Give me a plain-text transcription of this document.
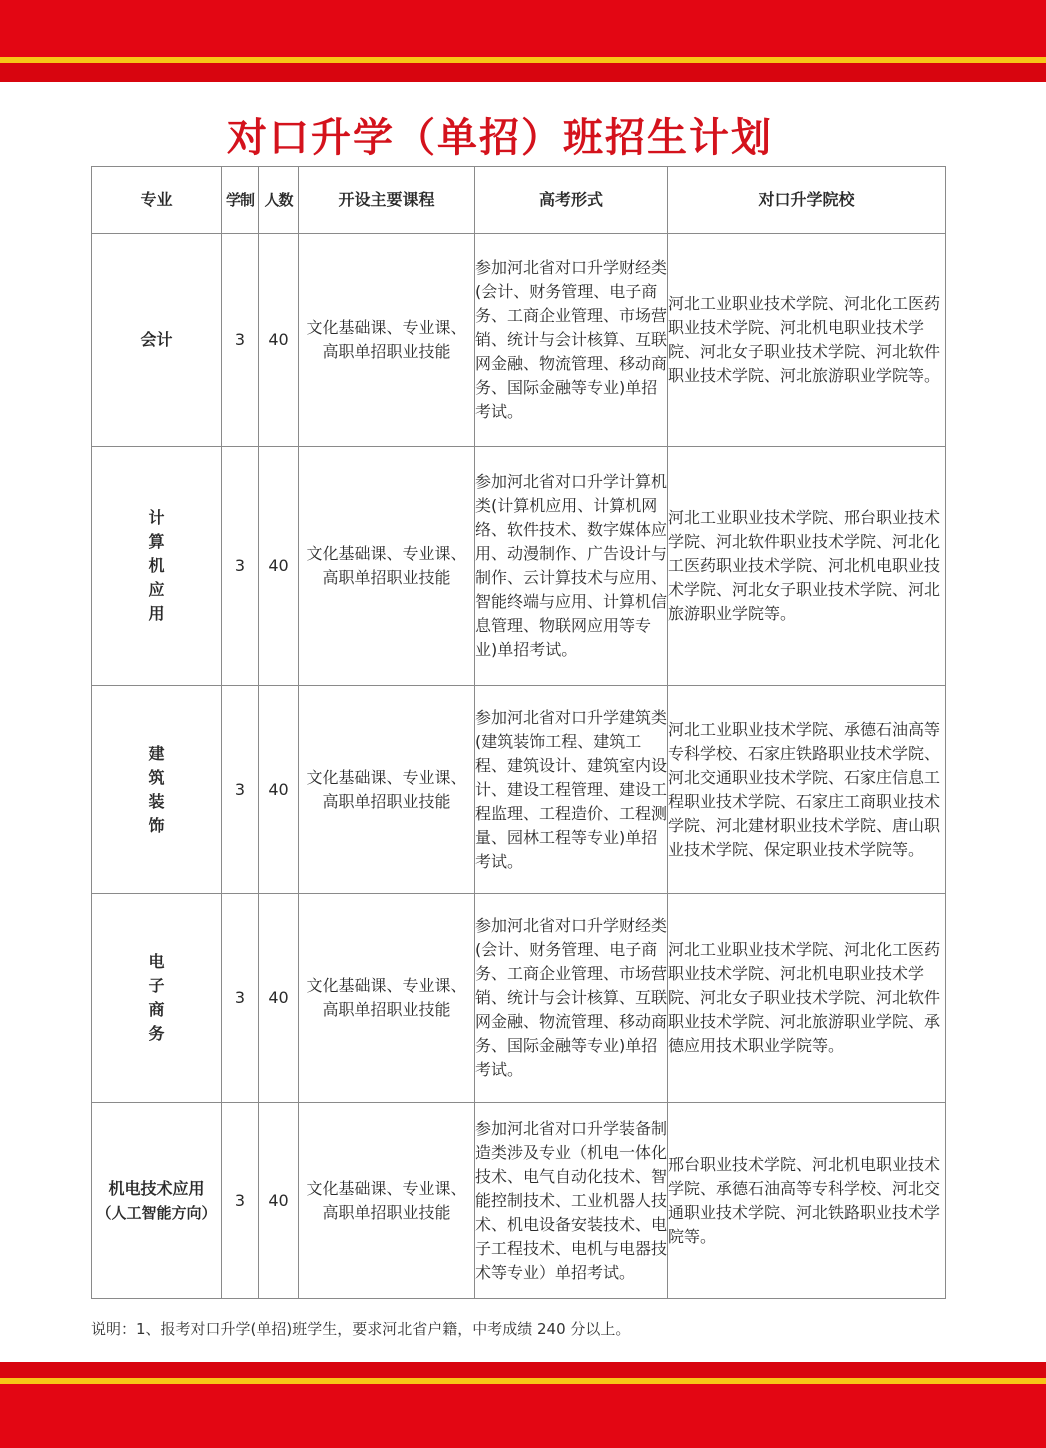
对口升学（单招）班招生计划
专业	学制	人数	开设主要课程	高考形式	对口升学院校
会计	3	40	文化基础课、专业课、高职单招职业技能	参加河北省对口升学财经类(会计、财务管理、电子商务、工商企业管理、市场营销、统计与会计核算、互联网金融、物流管理、移动商务、国际金融等专业)单招考试。	河北工业职业技术学院、河北化工医药职业技术学院、河北机电职业技术学院、河北女子职业技术学院、河北软件职业技术学院、河北旅游职业学院等。
计算机应用	3	40	文化基础课、专业课、高职单招职业技能	参加河北省对口升学计算机类(计算机应用、计算机网络、软件技术、数字媒体应用、动漫制作、广告设计与制作、云计算技术与应用、智能终端与应用、计算机信息管理、物联网应用等专业)单招考试。	河北工业职业技术学院、邢台职业技术学院、河北软件职业技术学院、河北化工医药职业技术学院、河北机电职业技术学院、河北女子职业技术学院、河北旅游职业学院等。
建筑装饰	3	40	文化基础课、专业课、高职单招职业技能	参加河北省对口升学建筑类(建筑装饰工程、建筑工程、建筑设计、建筑室内设计、建设工程管理、建设工程监理、工程造价、工程测量、园林工程等专业)单招考试。	河北工业职业技术学院、承德石油高等专科学校、石家庄铁路职业技术学院、河北交通职业技术学院、石家庄信息工程职业技术学院、石家庄工商职业技术学院、河北建材职业技术学院、唐山职业技术学院、保定职业技术学院等。
电子商务	3	40	文化基础课、专业课、高职单招职业技能	参加河北省对口升学财经类(会计、财务管理、电子商务、工商企业管理、市场营销、统计与会计核算、互联网金融、物流管理、移动商务、国际金融等专业)单招考试。	河北工业职业技术学院、河北化工医药职业技术学院、河北机电职业技术学院、河北女子职业技术学院、河北软件职业技术学院、河北旅游职业学院、承德应用技术职业学院等。

机电技术应用
（人工智能方向）	3	40	文化基础课、专业课、高职单招职业技能	参加河北省对口升学装备制造类涉及专业（机电一体化技术、电气自动化技术、智能控制技术、工业机器人技术、机电设备安装技术、电子工程技术、电机与电器技术等专业）单招考试。	邢台职业技术学院、河北机电职业技术学院、承德石油高等专科学校、河北交通职业技术学院、河北铁路职业技术学院等。
说明：1、报考对口升学(单招)班学生，要求河北省户籍，中考成绩 240 分以上。
